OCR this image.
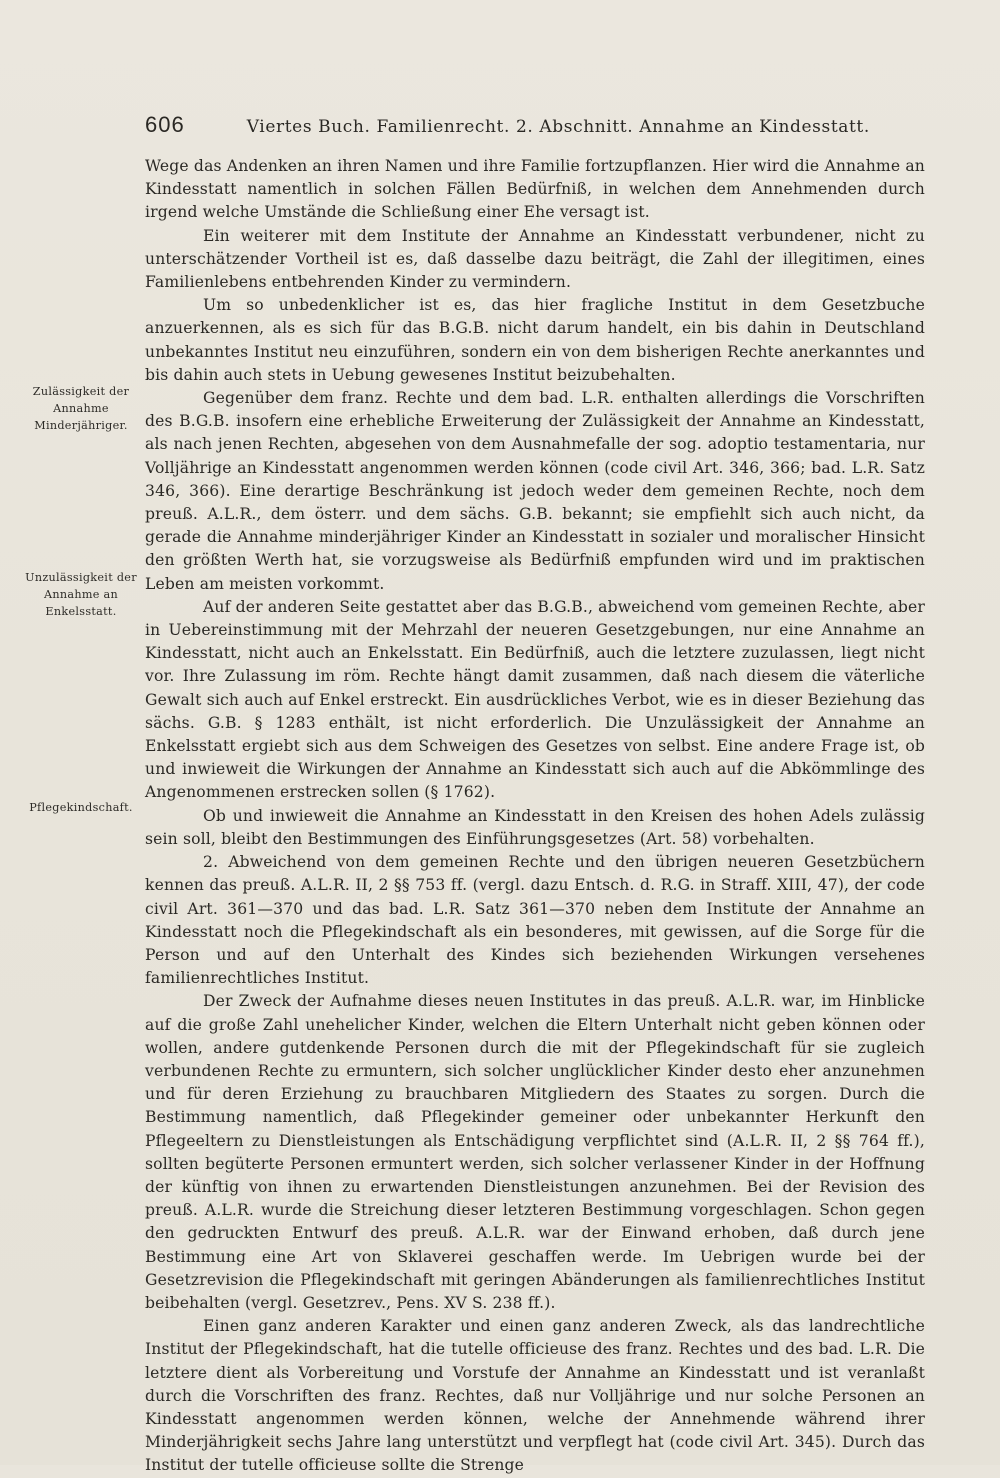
606	Viertes Buch. Familienrecht. 2. Abschnitt. Annahme an Kindesstatt.
Zulässigkeit der Annahme Minderjähriger.
Unzulässigkeit der Annahme an Enkelsstatt.
Pflegekindschaft.

Wege das Andenken an ihren Namen und ihre Familie fortzupflanzen. Hier wird die Annahme an Kindesstatt namentlich in solchen Fällen Bedürfniß, in welchen dem Annehmenden durch irgend welche Umstände die Schließung einer Ehe versagt ist.

Ein weiterer mit dem Institute der Annahme an Kindesstatt verbundener, nicht zu unterschätzender Vortheil ist es, daß dasselbe dazu beiträgt, die Zahl der illegitimen, eines Familienlebens entbehrenden Kinder zu vermindern.

Um so unbedenklicher ist es, das hier fragliche Institut in dem Gesetzbuche anzuerkennen, als es sich für das B.G.B. nicht darum handelt, ein bis dahin in Deutschland unbekanntes Institut neu einzuführen, sondern ein von dem bisherigen Rechte anerkanntes und bis dahin auch stets in Uebung gewesenes Institut beizubehalten.

Gegenüber dem franz. Rechte und dem bad. L.R. enthalten allerdings die Vorschriften des B.G.B. insofern eine erhebliche Erweiterung der Zulässigkeit der Annahme an Kindesstatt, als nach jenen Rechten, abgesehen von dem Ausnahmefalle der sog. adoptio testamentaria, nur Volljährige an Kindesstatt angenommen werden können (code civil Art. 346, 366; bad. L.R. Satz 346, 366). Eine derartige Beschränkung ist jedoch weder dem gemeinen Rechte, noch dem preuß. A.L.R., dem österr. und dem sächs. G.B. bekannt; sie empfiehlt sich auch nicht, da gerade die Annahme minderjähriger Kinder an Kindesstatt in sozialer und moralischer Hinsicht den größten Werth hat, sie vorzugsweise als Bedürfniß empfunden wird und im praktischen Leben am meisten vorkommt.

Auf der anderen Seite gestattet aber das B.G.B., abweichend vom gemeinen Rechte, aber in Uebereinstimmung mit der Mehrzahl der neueren Gesetzgebungen, nur eine Annahme an Kindesstatt, nicht auch an Enkelsstatt. Ein Bedürfniß, auch die letztere zuzulassen, liegt nicht vor. Ihre Zulassung im röm. Rechte hängt damit zusammen, daß nach diesem die väterliche Gewalt sich auch auf Enkel erstreckt. Ein ausdrückliches Verbot, wie es in dieser Beziehung das sächs. G.B. § 1283 enthält, ist nicht erforderlich. Die Unzulässigkeit der Annahme an Enkelsstatt ergiebt sich aus dem Schweigen des Gesetzes von selbst. Eine andere Frage ist, ob und inwieweit die Wirkungen der Annahme an Kindesstatt sich auch auf die Abkömmlinge des Angenommenen erstrecken sollen (§ 1762).

Ob und inwieweit die Annahme an Kindesstatt in den Kreisen des hohen Adels zulässig sein soll, bleibt den Bestimmungen des Einführungsgesetzes (Art. 58) vorbehalten.

2. Abweichend von dem gemeinen Rechte und den übrigen neueren Gesetzbüchern kennen das preuß. A.L.R. II, 2 §§ 753 ff. (vergl. dazu Entsch. d. R.G. in Straff. XIII, 47), der code civil Art. 361—370 und das bad. L.R. Satz 361—370 neben dem Institute der Annahme an Kindesstatt noch die Pflegekindschaft als ein besonderes, mit gewissen, auf die Sorge für die Person und auf den Unterhalt des Kindes sich beziehenden Wirkungen versehenes familienrechtliches Institut.

Der Zweck der Aufnahme dieses neuen Institutes in das preuß. A.L.R. war, im Hinblicke auf die große Zahl unehelicher Kinder, welchen die Eltern Unterhalt nicht geben können oder wollen, andere gutdenkende Personen durch die mit der Pflegekindschaft für sie zugleich verbundenen Rechte zu ermuntern, sich solcher unglücklicher Kinder desto eher anzunehmen und für deren Erziehung zu brauchbaren Mitgliedern des Staates zu sorgen. Durch die Bestimmung namentlich, daß Pflegekinder gemeiner oder unbekannter Herkunft den Pflegeeltern zu Dienstleistungen als Entschädigung verpflichtet sind (A.L.R. II, 2 §§ 764 ff.), sollten begüterte Personen ermuntert werden, sich solcher verlassener Kinder in der Hoffnung der künftig von ihnen zu erwartenden Dienstleistungen anzunehmen. Bei der Revision des preuß. A.L.R. wurde die Streichung dieser letzteren Bestimmung vorgeschlagen. Schon gegen den gedruckten Entwurf des preuß. A.L.R. war der Einwand erhoben, daß durch jene Bestimmung eine Art von Sklaverei geschaffen werde. Im Uebrigen wurde bei der Gesetzrevision die Pflegekindschaft mit geringen Abänderungen als familienrechtliches Institut beibehalten (vergl. Gesetzrev., Pens. XV S. 238 ff.).

Einen ganz anderen Karakter und einen ganz anderen Zweck, als das landrechtliche Institut der Pflegekindschaft, hat die tutelle officieuse des franz. Rechtes und des bad. L.R. Die letztere dient als Vorbereitung und Vorstufe der Annahme an Kindesstatt und ist veranlaßt durch die Vorschriften des franz. Rechtes, daß nur Volljährige und nur solche Personen an Kindesstatt angenommen werden können, welche der Annehmende während ihrer Minderjährigkeit sechs Jahre lang unterstützt und verpflegt hat (code civil Art. 345). Durch das Institut der tutelle officieuse sollte die Strenge
